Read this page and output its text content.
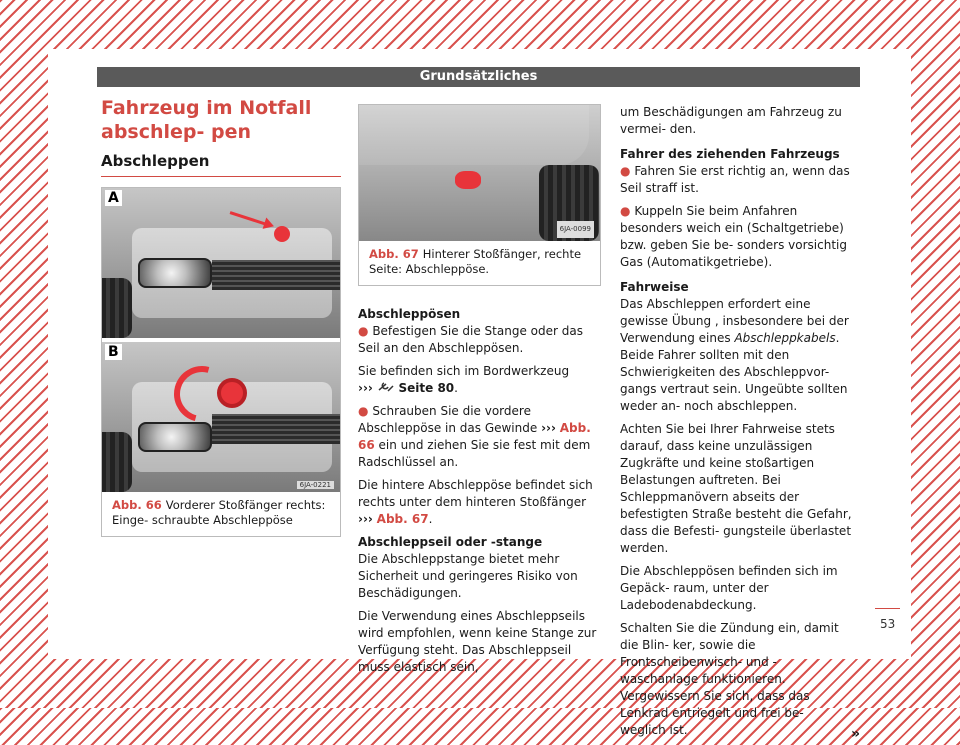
Grundsätzliches
Fahrzeug im Notfall abschlep- pen
Abschleppen
A
B
6JA-0221
Abb. 66 Vorderer Stoßfänger rechts: Einge- schraubte Abschleppöse
6JA-0099
Abb. 67 Hinterer Stoßfänger, rechte Seite: Abschleppöse.

Abschleppösen

● Befestigen Sie die Stange oder das Seil an den Abschleppösen.

Sie befinden sich im Bordwerkzeug
››› Seite 80.

● Schrauben Sie die vordere Abschleppöse in das Gewinde ››› Abb. 66 ein und ziehen Sie sie fest mit dem Radschlüssel an.

Die hintere Abschleppöse befindet sich rechts unter dem hinteren Stoßfänger
››› Abb. 67.

Abschleppseil oder -stange

Die Abschleppstange bietet mehr Sicherheit und geringeres Risiko von Beschädigungen.

Die Verwendung eines Abschleppseils wird empfohlen, wenn keine Stange zur Verfügung steht. Das Abschleppseil muss elastisch sein,

um Beschädigungen am Fahrzeug zu vermei- den.

Fahrer des ziehenden Fahrzeugs

● Fahren Sie erst richtig an, wenn das Seil straff ist.

● Kuppeln Sie beim Anfahren besonders weich ein (Schaltgetriebe) bzw. geben Sie be- sonders vorsichtig Gas (Automatikgetriebe).

Fahrweise

Das Abschleppen erfordert eine gewisse Übung , insbesondere bei der Verwendung eines Abschleppkabels. Beide Fahrer sollten mit den Schwierigkeiten des Abschleppvor- gangs vertraut sein. Ungeübte sollten weder an- noch abschleppen.

Achten Sie bei Ihrer Fahrweise stets darauf, dass keine unzulässigen Zugkräfte und keine stoßartigen Belastungen auftreten. Bei Schleppmanövern abseits der befestigten Straße besteht die Gefahr, dass die Befesti- gungsteile überlastet werden.

Die Abschleppösen befinden sich im Gepäck- raum, unter der Ladebodenabdeckung.

Schalten Sie die Zündung ein, damit die Blin- ker, sowie die Frontscheibenwisch- und - waschanlage funktionieren. Vergewissern Sie sich, dass das Lenkrad entriegelt und frei be- weglich ist.	»
53
